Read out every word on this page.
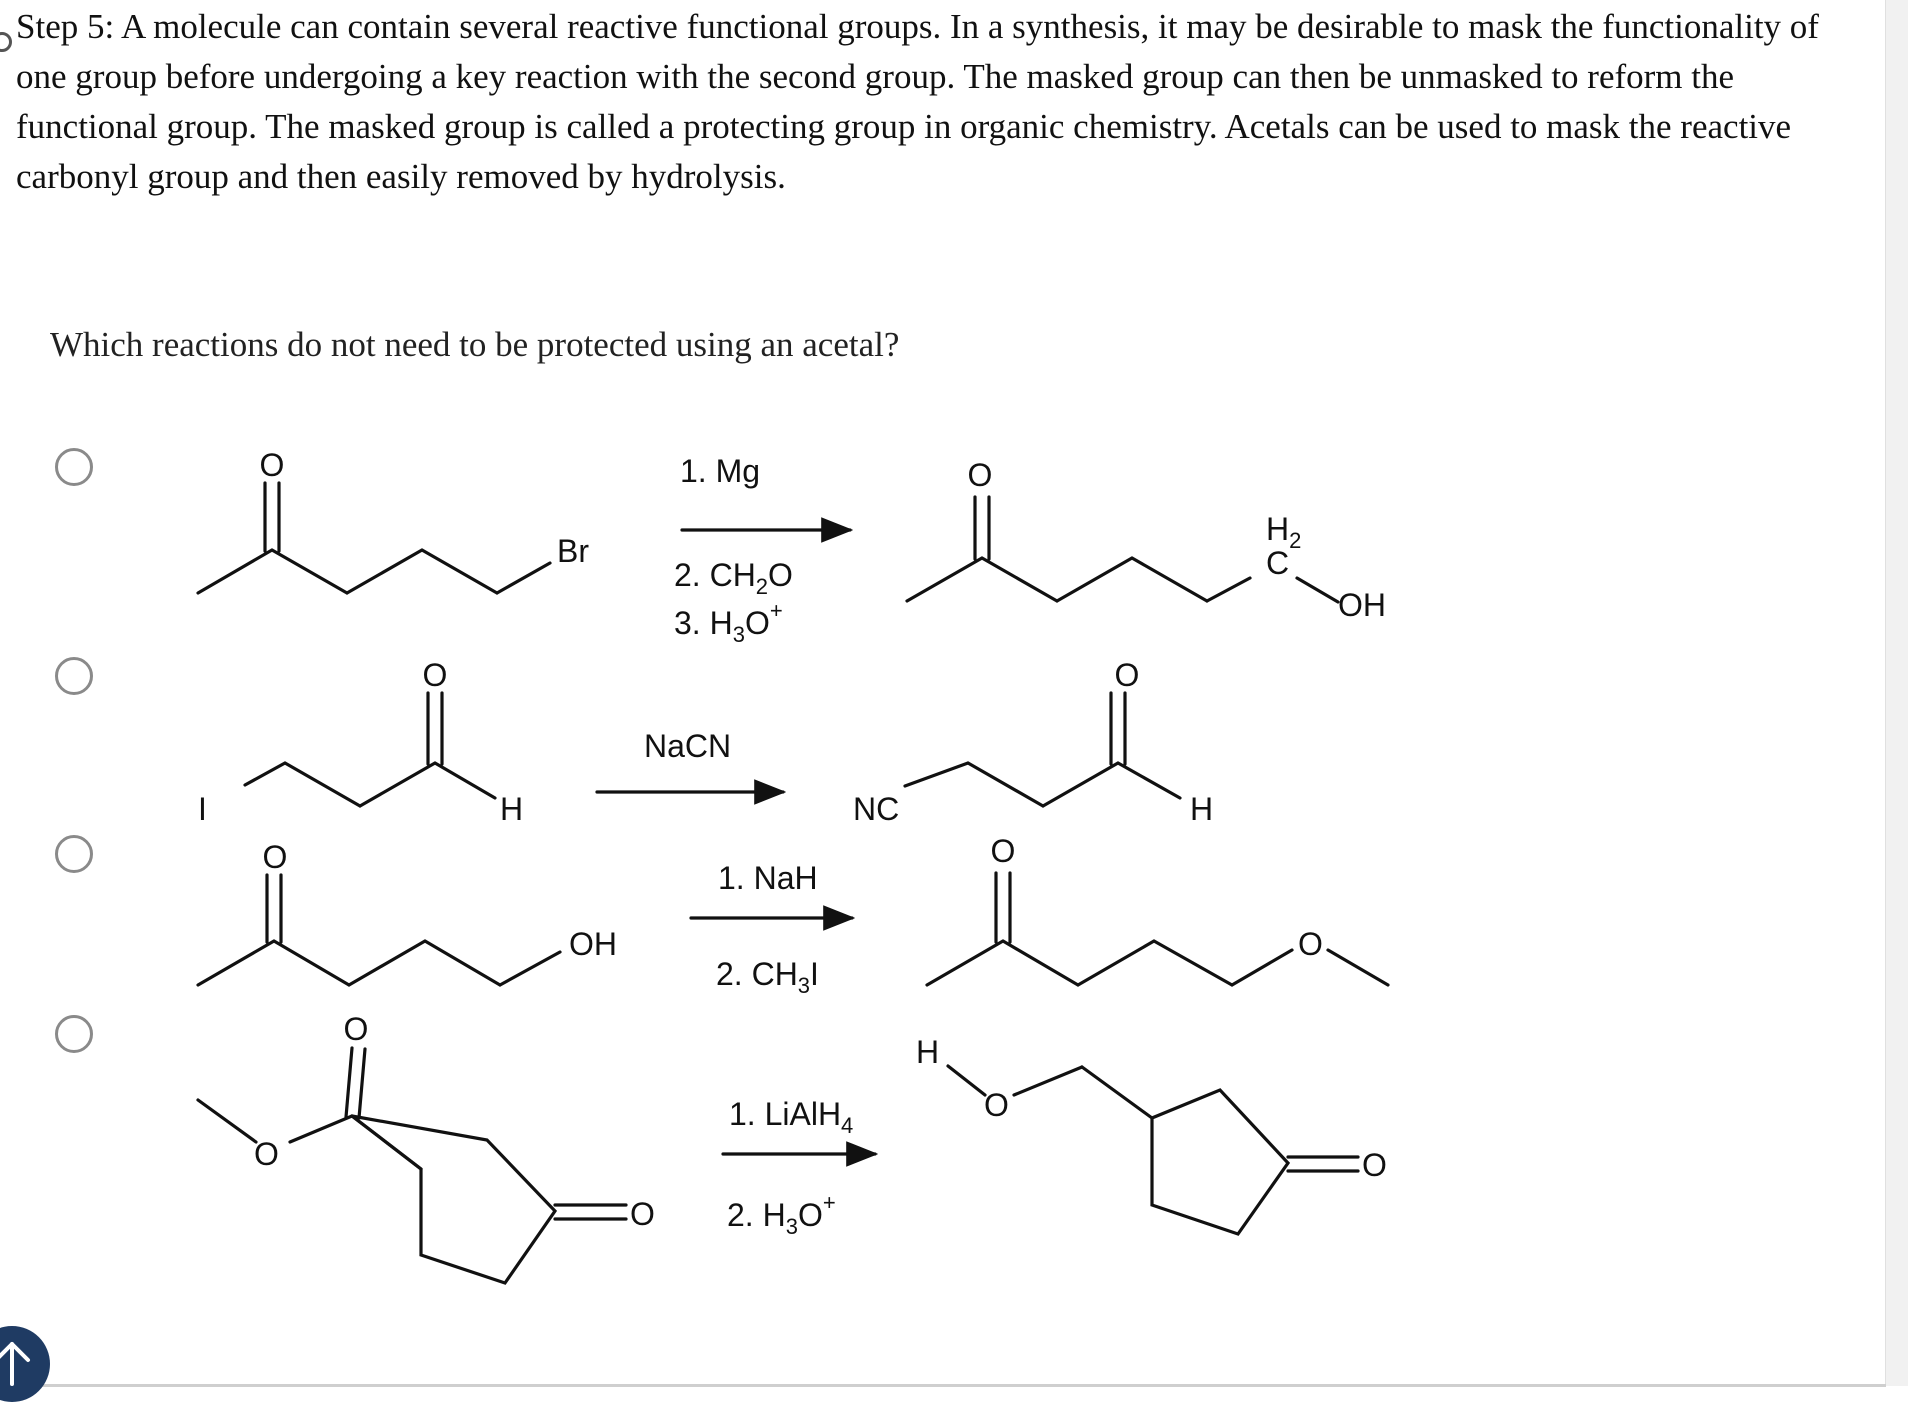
Step 5: A molecule can contain several reactive functional groups. In a synthesis, it may be desirable to mask the functionality of one group before undergoing a key reaction with the second group. The masked group can then be unmasked to reform the functional group. The masked group is called a protecting group in organic chemistry. Acetals can be used to mask the reactive carbonyl group and then easily removed by hydrolysis.

Which reactions do not need to be protected using an acetal?

O
Br
1. Mg
2. $CH_2O$
3. $H_3O^+$
O
$H_2$
C
OH
I
O
H
NaCN
NC
O
H
O
OH
1. NaH
2. $CH_3I$
O
O
O
O
O
1. LiAlH$_4$
2. $H_3O^+$
H
O
O
